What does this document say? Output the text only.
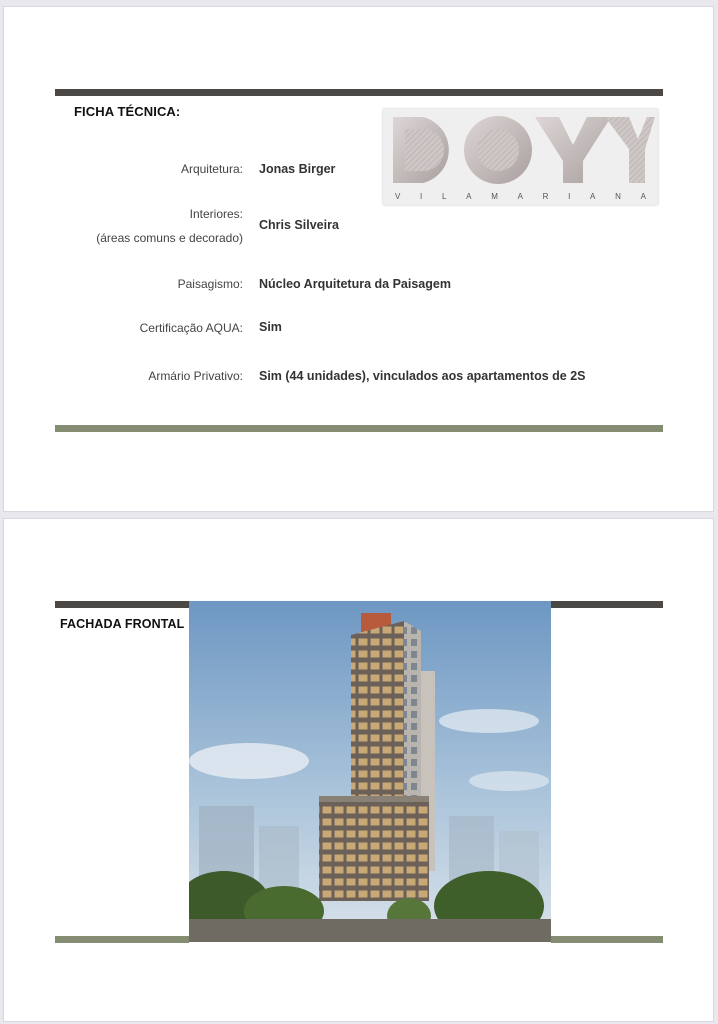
FICHA TÉCNICA:
V I L A M A R I A N A
Arquitetura: Jonas Birger
Interiores:
(áreas comuns e decorado)
Chris Silveira
Paisagismo: Núcleo Arquitetura da Paisagem
Certificação AQUA: Sim
Armário Privativo: Sim (44 unidades), vinculados aos apartamentos de 2S
FACHADA FRONTAL
